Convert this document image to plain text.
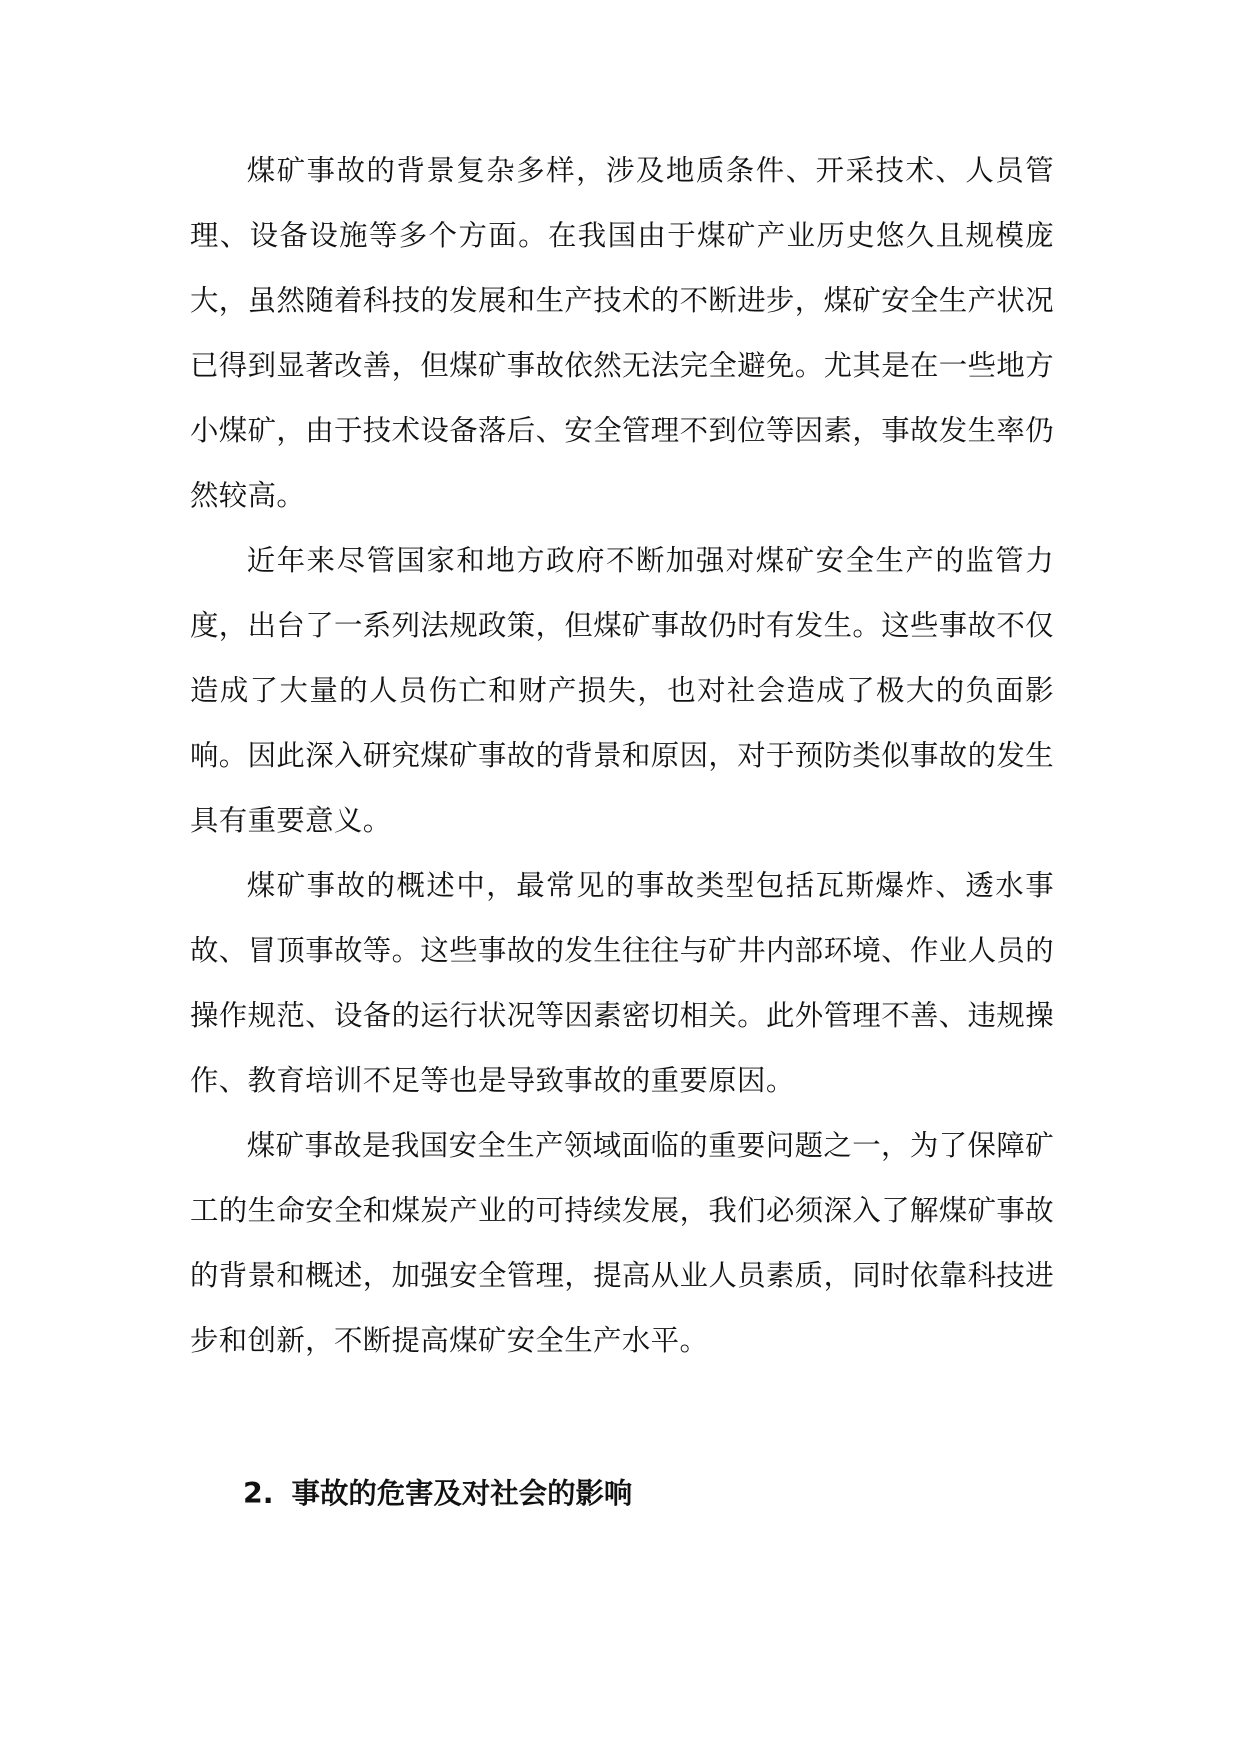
煤矿事故的背景复杂多样，涉及地质条件、开采技术、人员管理、设备设施等多个方面。在我国由于煤矿产业历史悠久且规模庞大，虽然随着科技的发展和生产技术的不断进步，煤矿安全生产状况已得到显著改善，但煤矿事故依然无法完全避免。尤其是在一些地方小煤矿，由于技术设备落后、安全管理不到位等因素，事故发生率仍然较高。

近年来尽管国家和地方政府不断加强对煤矿安全生产的监管力度，出台了一系列法规政策，但煤矿事故仍时有发生。这些事故不仅造成了大量的人员伤亡和财产损失，也对社会造成了极大的负面影响。因此深入研究煤矿事故的背景和原因，对于预防类似事故的发生具有重要意义。

煤矿事故的概述中，最常见的事故类型包括瓦斯爆炸、透水事故、冒顶事故等。这些事故的发生往往与矿井内部环境、作业人员的操作规范、设备的运行状况等因素密切相关。此外管理不善、违规操作、教育培训不足等也是导致事故的重要原因。

煤矿事故是我国安全生产领域面临的重要问题之一，为了保障矿工的生命安全和煤炭产业的可持续发展，我们必须深入了解煤矿事故的背景和概述，加强安全管理，提高从业人员素质，同时依靠科技进步和创新，不断提高煤矿安全生产水平。

2. 事故的危害及对社会的影响
